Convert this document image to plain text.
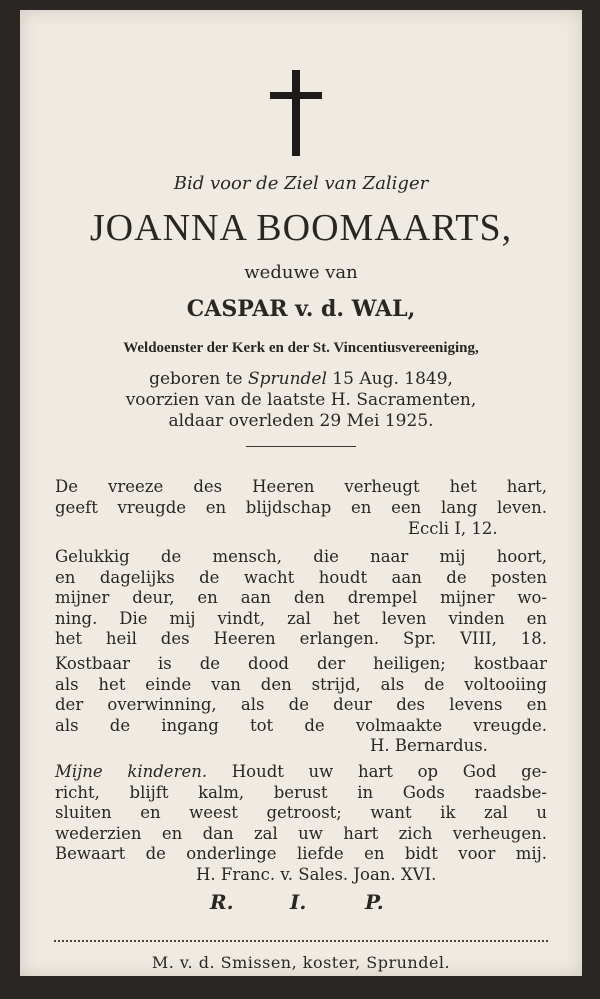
Bid voor de Ziel van Zaliger
JOANNA BOOMAARTS,
weduwe van
CASPAR v. d. WAL,
Weldoenster der Kerk en der St. Vincentiusvereeniging,
geboren te Sprundel 15 Aug. 1849,
voorzien van de laatste H. Sacramenten,
aldaar overleden 29 Mei 1925.
De vreeze des Heeren verheugt het hart,
geeft vreugde en blijdschap en een lang leven.
Eccli I, 12.
Gelukkig de mensch, die naar mij hoort,
en dagelijks de wacht houdt aan de posten
mijner deur, en aan den drempel mijner wo-
ning. Die mij vindt, zal het leven vinden en
het heil des Heeren erlangen. Spr. VIII, 18.
Kostbaar is de dood der heiligen; kostbaar
als het einde van den strijd, als de voltooiing
der overwinning, als de deur des levens en
als de ingang tot de volmaakte vreugde.
H. Bernardus.
Mijne kinderen. Houdt uw hart op God ge-
richt, blijft kalm, berust in Gods raadsbe-
sluiten en weest getroost; want ik zal u
wederzien en dan zal uw hart zich verheugen.
Bewaart de onderlinge liefde en bidt voor mij.
H. Franc. v. Sales. Joan. XVI.
R.	I.	P.
M. v. d. Smissen, koster, Sprundel.
